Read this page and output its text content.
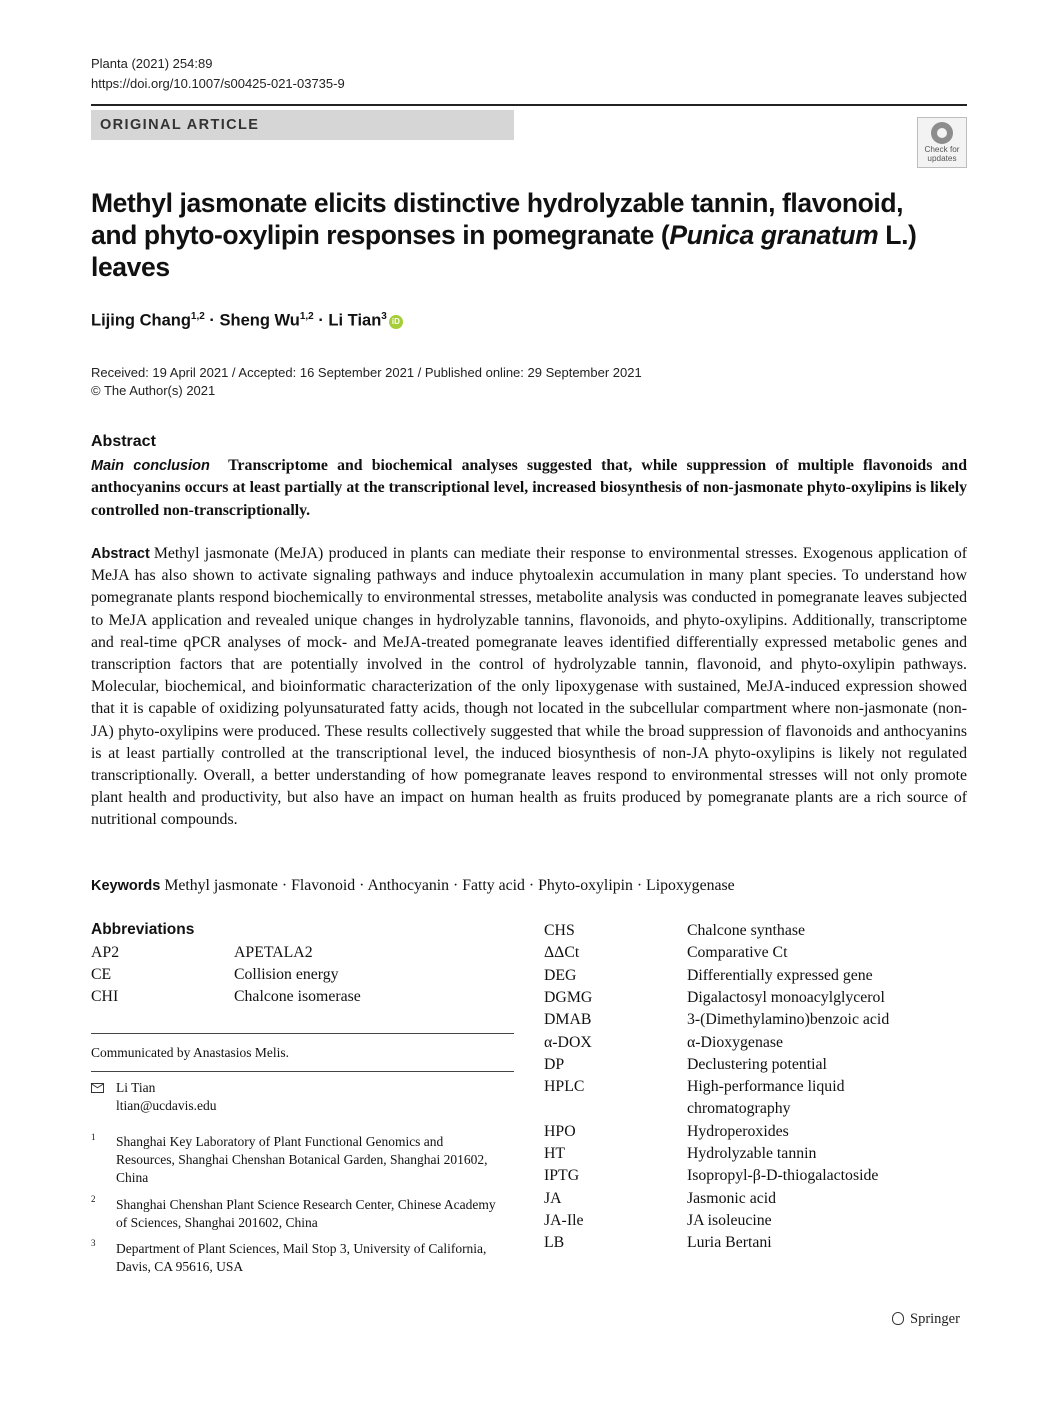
Planta (2021) 254:89
https://doi.org/10.1007/s00425-021-03735-9
ORIGINAL ARTICLE
Check for updates
Methyl jasmonate elicits distinctive hydrolyzable tannin, flavonoid, and phyto-oxylipin responses in pomegranate (Punica granatum L.) leaves
Lijing Chang$^{1,2}$ · Sheng Wu$^{1,2}$ · Li Tian$^3$ iD
Received: 19 April 2021 / Accepted: 16 September 2021 / Published online: 29 September 2021
© The Author(s) 2021
Abstract
Main conclusion Transcriptome and biochemical analyses suggested that, while suppression of multiple flavonoids and anthocyanins occurs at least partially at the transcriptional level, increased biosynthesis of non-jasmonate phyto-oxylipins is likely controlled non-transcriptionally.
Abstract Methyl jasmonate (MeJA) produced in plants can mediate their response to environmental stresses. Exogenous application of MeJA has also shown to activate signaling pathways and induce phytoalexin accumulation in many plant species. To understand how pomegranate plants respond biochemically to environmental stresses, metabolite analysis was conducted in pomegranate leaves subjected to MeJA application and revealed unique changes in hydrolyzable tannins, flavonoids, and phyto-oxylipins. Additionally, transcriptome and real-time qPCR analyses of mock- and MeJA-treated pomegranate leaves identified differentially expressed metabolic genes and transcription factors that are potentially involved in the control of hydrolyzable tannin, flavonoid, and phyto-oxylipin pathways. Molecular, biochemical, and bioinformatic characterization of the only lipoxygenase with sustained, MeJA-induced expression showed that it is capable of oxidizing polyunsaturated fatty acids, though not located in the subcellular compartment where non-jasmonate (non-JA) phyto-oxylipins were produced. These results collectively suggested that while the broad suppression of flavonoids and anthocyanins is at least partially controlled at the transcriptional level, the induced biosynthesis of non-JA phyto-oxylipins is likely not regulated transcriptionally. Overall, a better understanding of how pomegranate leaves respond to environmental stresses will not only promote plant health and productivity, but also have an impact on human health as fruits produced by pomegranate plants are a rich source of nutritional compounds.
Keywords Methyl jasmonate · Flavonoid · Anthocyanin · Fatty acid · Phyto-oxylipin · Lipoxygenase
Abbreviations
AP2	APETALA2
CE	Collision energy
CHI	Chalcone isomerase
CHS	Chalcone synthase
ΔΔCt	Comparative Ct
DEG	Differentially expressed gene
DGMG	Digalactosyl monoacylglycerol
DMAB	3-(Dimethylamino)benzoic acid
α-DOX	α-Dioxygenase
DP	Declustering potential
HPLC	High-performance liquid
chromatography
HPO	Hydroperoxides
HT	Hydrolyzable tannin
IPTG	Isopropyl-β-D-thiogalactoside
JA	Jasmonic acid
JA-Ile	JA isoleucine
LB	Luria Bertani
Communicated by Anastasios Melis.
Li Tian
ltian@ucdavis.edu
1 Shanghai Key Laboratory of Plant Functional Genomics and Resources, Shanghai Chenshan Botanical Garden, Shanghai 201602, China
2 Shanghai Chenshan Plant Science Research Center, Chinese Academy of Sciences, Shanghai 201602, China
3 Department of Plant Sciences, Mail Stop 3, University of California, Davis, CA 95616, USA
Springer
